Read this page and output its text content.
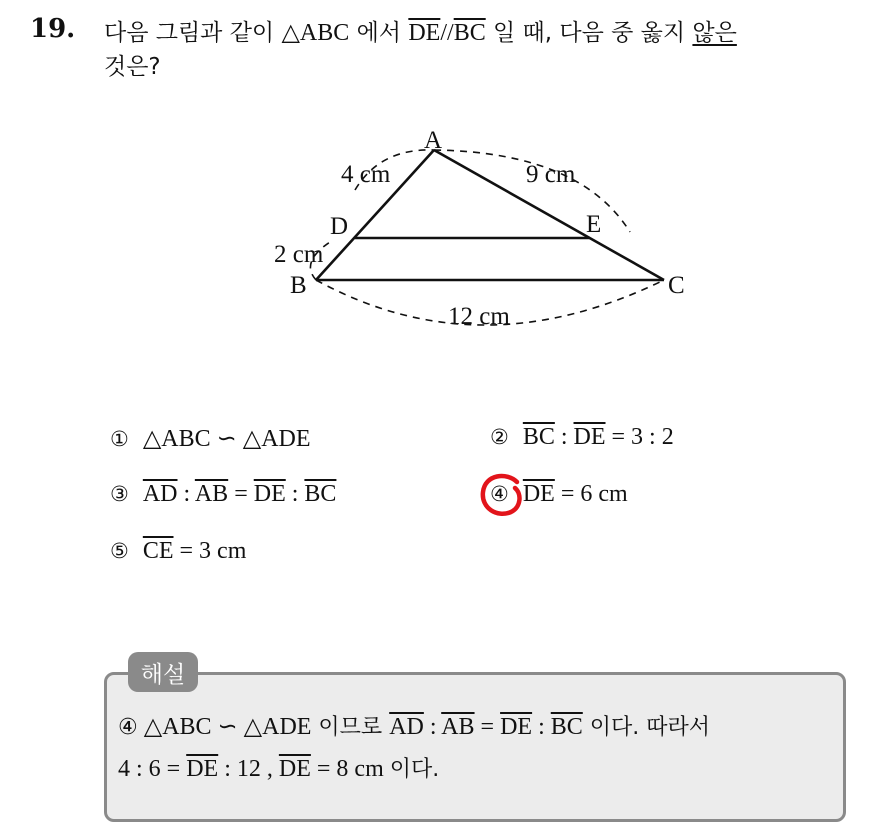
19. 다음 그림과 같이 △ABC 에서 $\overline{DE}//\overline{BC}$ 일 때, 다음 중 옳지 않은
것은?
A
B	C
D	E
4 cm	9 cm
2 cm
12 cm
① △ABC ∽ △ADE	② $\overline{BC}$ : $\overline{DE} = 3$ : 2
③ $\overline{AD}$ : $\overline{AB} = \overline{DE}$ : $\overline{BC}$	④ $\overline{DE} = 6$ cm
⑤ $\overline{CE} = 3$ cm
해설
④ △ABC ∽ △ADE 이므로 $\overline{AD}$ : $\overline{AB} = \overline{DE}$ : $\overline{BC}$ 이다. 따라서
4 : $6 = \overline{DE}$ : 12 , $\overline{DE} = 8$ cm 이다.
